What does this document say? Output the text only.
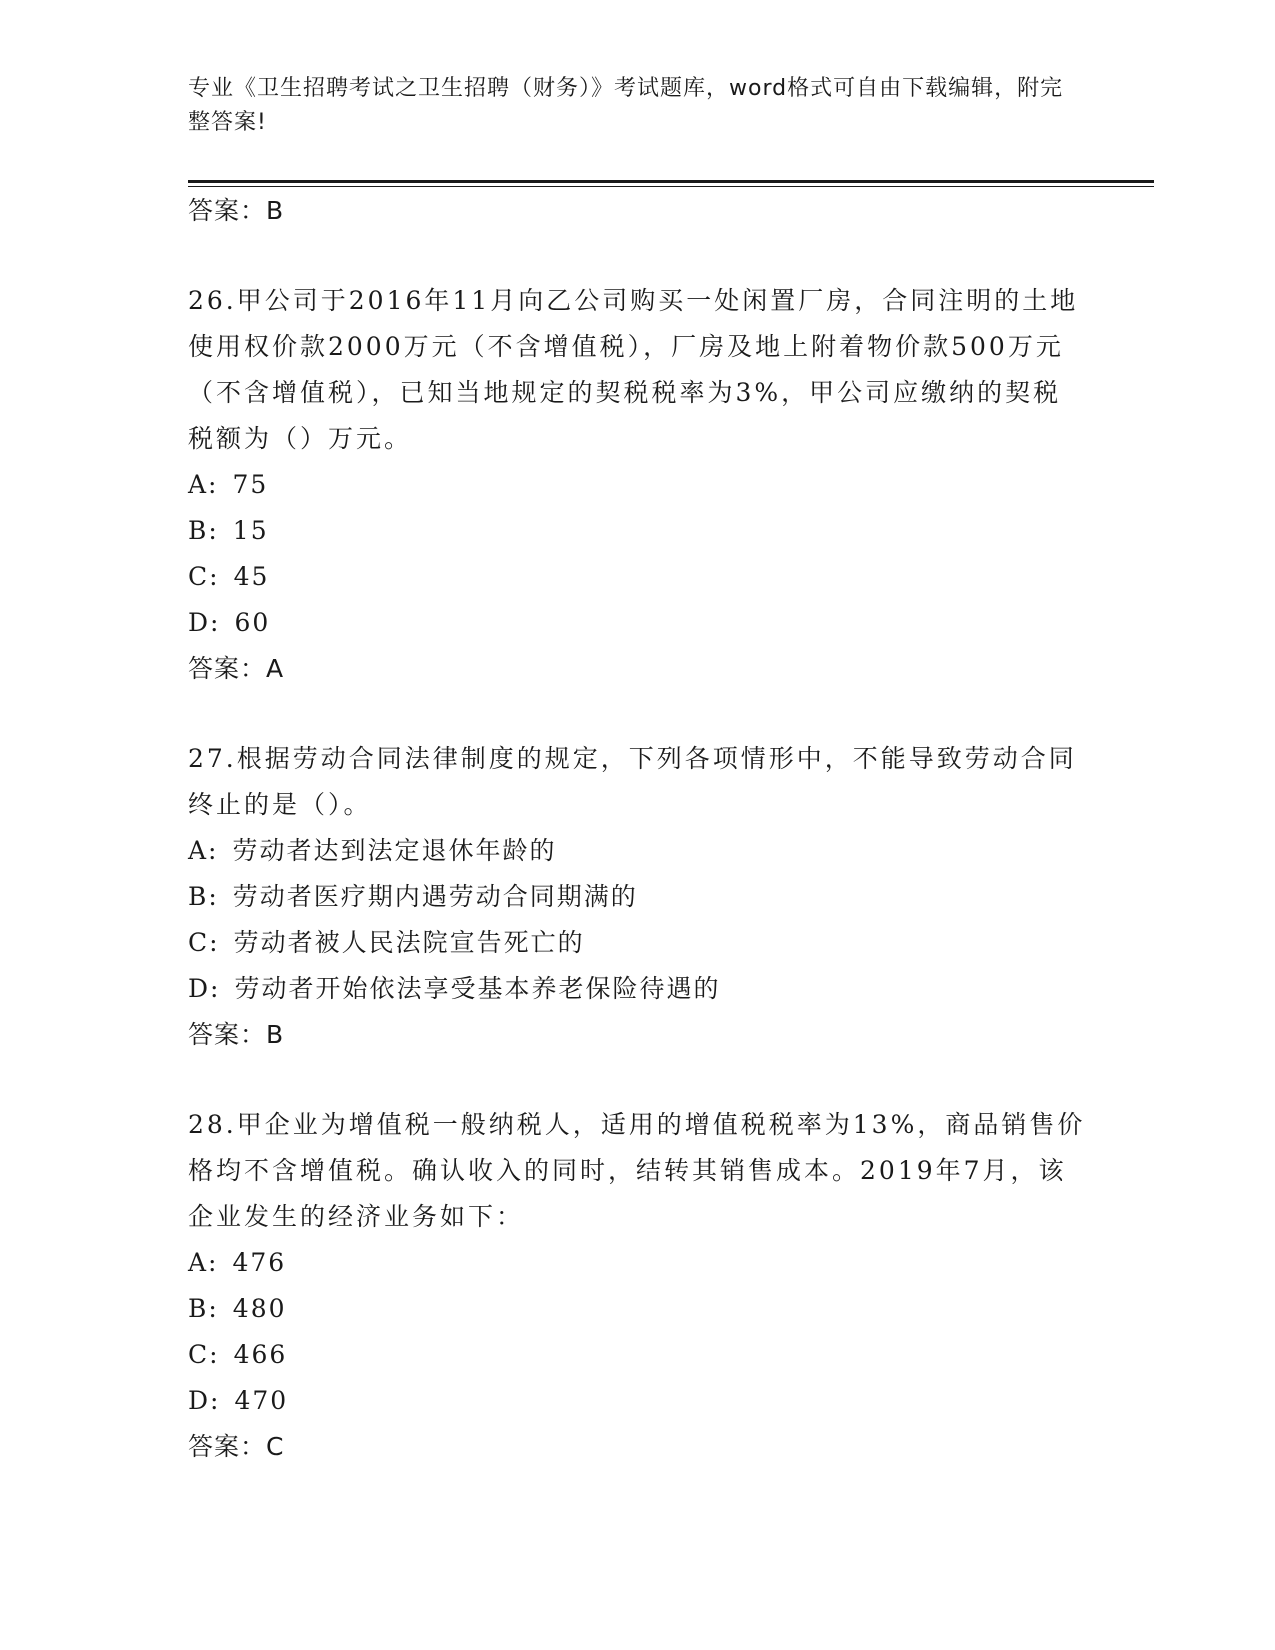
专业《卫生招聘考试之卫生招聘（财务）》考试题库，word格式可自由下载编辑，附完整答案!

答案：B

26.甲公司于2016年11月向乙公司购买一处闲置厂房，合同注明的土地使用权价款2000万元（不含增值税），厂房及地上附着物价款500万元（不含增值税），已知当地规定的契税税率为3%，甲公司应缴纳的契税税额为（）万元。

A: 75

B: 15

C: 45

D: 60

答案：A

27.根据劳动合同法律制度的规定，下列各项情形中，不能导致劳动合同终止的是（）。

A: 劳动者达到法定退休年龄的

B: 劳动者医疗期内遇劳动合同期满的

C: 劳动者被人民法院宣告死亡的

D: 劳动者开始依法享受基本养老保险待遇的

答案：B

28.甲企业为增值税一般纳税人，适用的增值税税率为13%，商品销售价格均不含增值税。确认收入的同时，结转其销售成本。2019年7月，该企业发生的经济业务如下：

A: 476

B: 480

C: 466

D: 470

答案：C
